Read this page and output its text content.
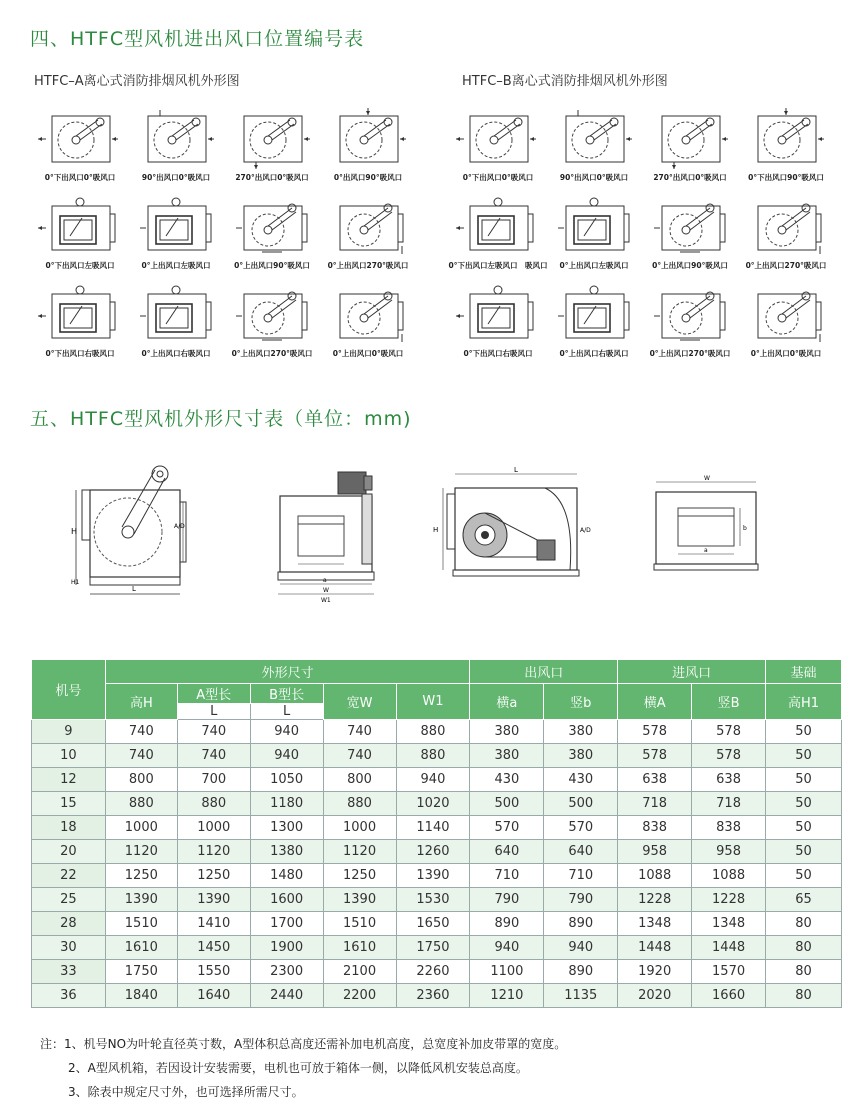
四、HTFC型风机进出风口位置编号表
HTFC–A离心式消防排烟风机外形图	HTFC–B离心式消防排烟风机外形图
0°下出风口0°吸风口	90°出风口0°吸风口	270°出风口0°吸风口	0°出风口90°吸风口
0°下出风口左吸风口	0°上出风口左吸风口	0°上出风口90°吸风口	0°上出风口270°吸风口
0°下出风口右吸风口	0°上出风口右吸风口	0°上出风口270°吸风口	0°上出风口0°吸风口
0°下出风口0°吸风口	90°出风口0°吸风口	270°出风口0°吸风口	0°下出风口90°吸风口
0°下出风口左吸风口　吸风口	0°上出风口左吸风口	0°上出风口90°吸风口	0°上出风口270°吸风口
0°下出风口右吸风口	0°上出风口右吸风口	0°上出风口270°吸风口	0°上出风口0°吸风口
五、HTFC型风机外形尺寸表（单位：mm)
H
H1
L
A/D
a
W
W1
L
H	A/D
W
a
b
机号	外形尺寸					出风口		进风口		基础
	高H	A型长	B型长	宽W	W1	横a	竖b	横A	竖B	高H1
		L	L							
9	740	740	940	740	880	380	380	578	578	50
10	740	740	940	740	880	380	380	578	578	50
12	800	700	1050	800	940	430	430	638	638	50
15	880	880	1180	880	1020	500	500	718	718	50
18	1000	1000	1300	1000	1140	570	570	838	838	50
20	1120	1120	1380	1120	1260	640	640	958	958	50
22	1250	1250	1480	1250	1390	710	710	1088	1088	50
25	1390	1390	1600	1390	1530	790	790	1228	1228	65
28	1510	1410	1700	1510	1650	890	890	1348	1348	80
30	1610	1450	1900	1610	1750	940	940	1448	1448	80
33	1750	1550	2300	2100	2260	1100	890	1920	1570	80
36	1840	1640	2440	2200	2360	1210	1135	2020	1660	80
注：1、机号NO为叶轮直径英寸数，A型体积总高度还需补加电机高度，总宽度补加皮带罩的宽度。
2、A型风机箱，若因设计安装需要，电机也可放于箱体一侧，以降低风机安装总高度。
3、除表中规定尺寸外，也可选择所需尺寸。
